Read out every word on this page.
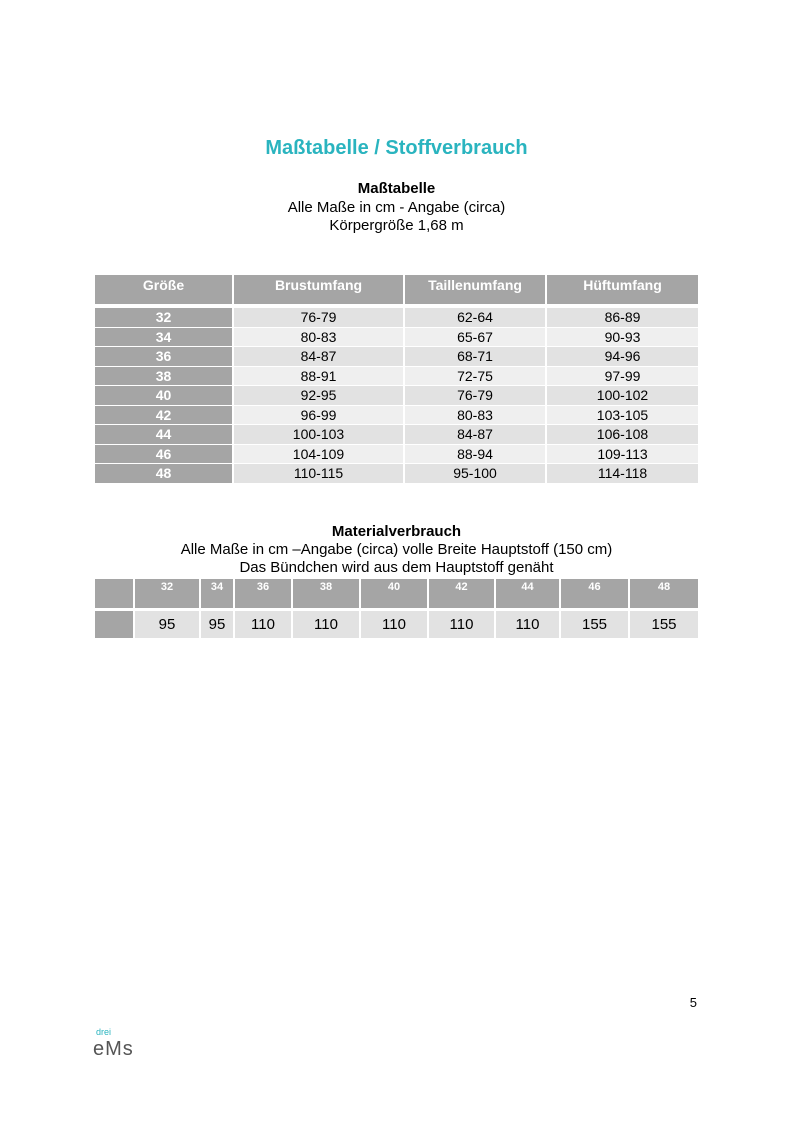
Maßtabelle / Stoffverbrauch
Maßtabelle
Alle Maße in cm - Angabe (circa)
Körpergröße 1,68 m
Größe	Brustumfang	Taillenumfang	Hüftumfang

32	76-79	62-64	86-89
34	80-83	65-67	90-93
36	84-87	68-71	94-96
38	88-91	72-75	97-99
40	92-95	76-79	100-102
42	96-99	80-83	103-105
44	100-103	84-87	106-108
46	104-109	88-94	109-113
48	110-115	95-100	114-118
Materialverbrauch
Alle Maße in cm –Angabe (circa) volle Breite Hauptstoff (150 cm)
Das Bündchen wird aus dem Hauptstoff genäht
	32	34	36	38	40	42	44	46	48

	95	95	110	110	110	110	110	155	155
5
drei
eMs
